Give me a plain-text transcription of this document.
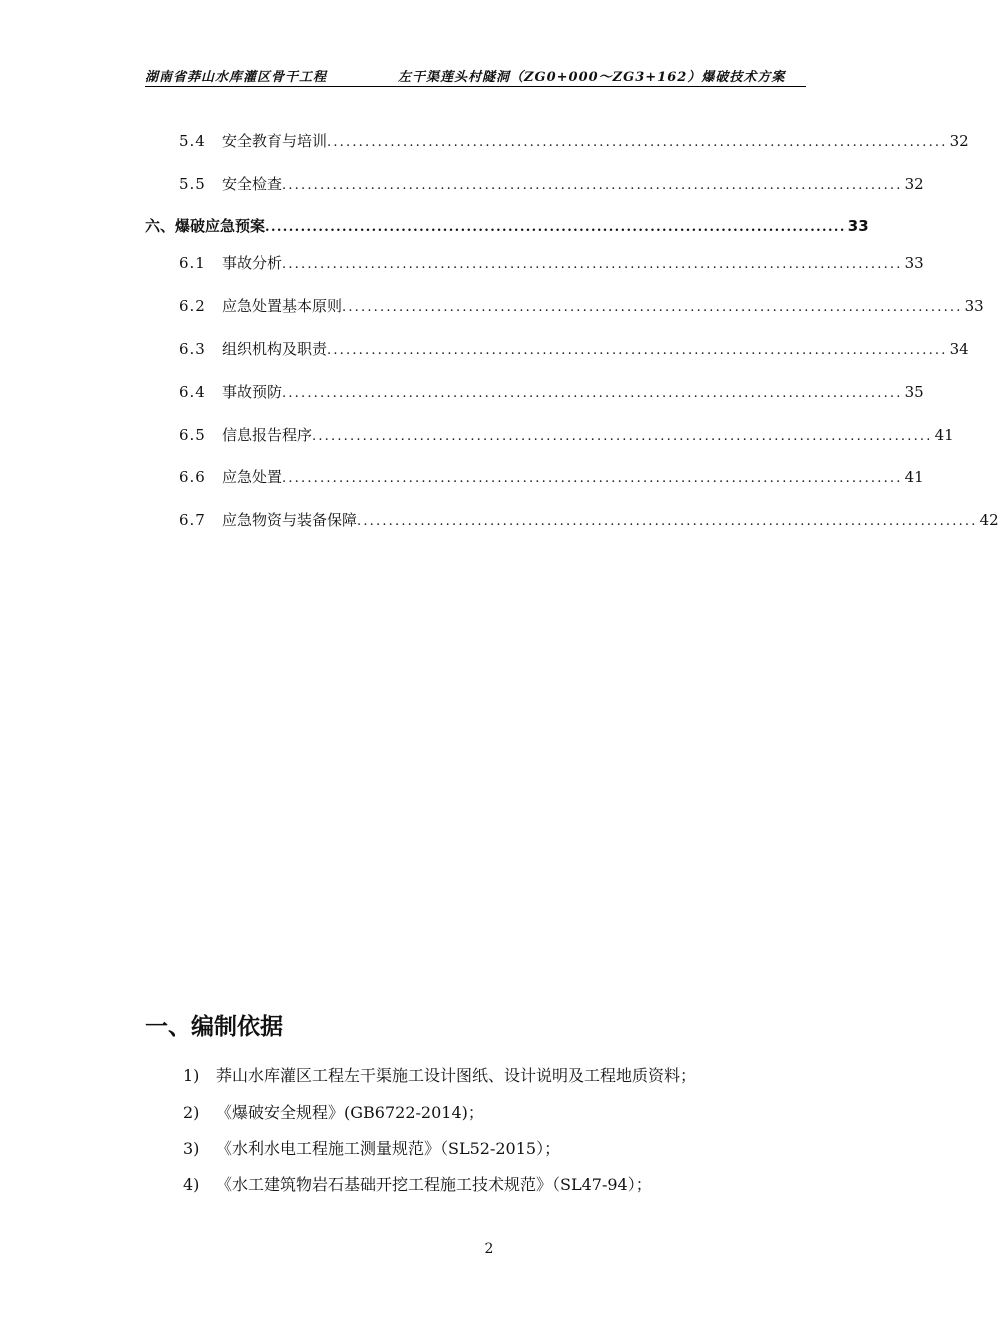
湖南省莽山水库灌区骨干工程	左干渠莲头村隧洞（ZG0+000～ZG3+162）爆破技术方案
5.4	安全教育与培训 .................................................................................................. 32
5.5	安全检查 .................................................................................................. 32
六、爆破应急预案 .................................................................................................. 33
6.1	事故分析 .................................................................................................. 33
6.2	应急处置基本原则 .................................................................................................. 33
6.3	组织机构及职责 .................................................................................................. 34
6.4	事故预防 .................................................................................................. 35
6.5	信息报告程序 .................................................................................................. 41
6.6	应急处置 .................................................................................................. 41
6.7	应急物资与装备保障 .................................................................................................. 42
一、编制依据
1) 莽山水库灌区工程左干渠施工设计图纸、设计说明及工程地质资料；
2) 《爆破安全规程》(GB6722-2014)；
3) 《水利水电工程施工测量规范》（SL52-2015）；
4) 《水工建筑物岩石基础开挖工程施工技术规范》（SL47-94）；
2
